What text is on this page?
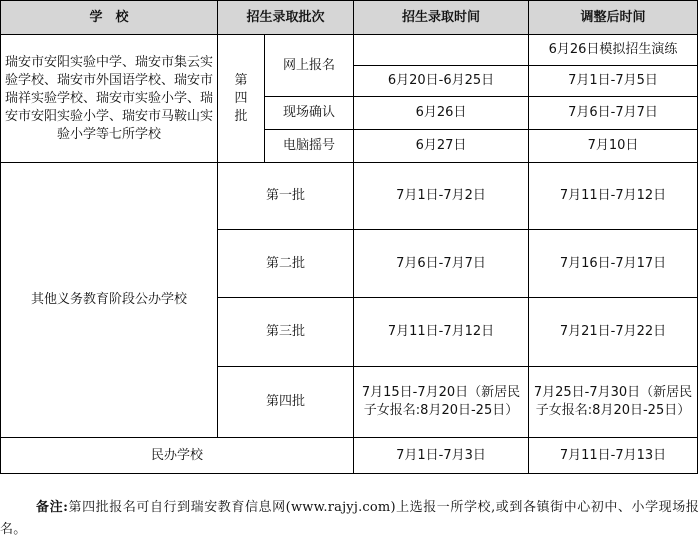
学　校	招生录取批次		招生录取时间	调整后时间
瑞安市安阳实验中学、瑞安市集云实验学校、瑞安市外国语学校、瑞安市瑞祥实验学校、瑞安市实验小学、瑞安市安阳实验小学、瑞安市马鞍山实验小学等七所学校	第四批	网上报名		6月26日模拟招生演练
			6月20日-6月25日	7月1日-7月5日
		现场确认	6月26日	7月6日-7月7日
		电脑摇号	6月27日	7月10日
其他义务教育阶段公办学校	第一批		7月1日-7月2日	7月11日-7月12日
	第二批		7月6日-7月7日	7月16日-7月17日
	第三批		7月11日-7月12日	7月21日-7月22日
	第四批		7月15日-7月20日（新居民子女报名:8月20日-25日）	7月25日-7月30日（新居民子女报名:8月20日-25日）
民办学校			7月1日-7月3日	7月11日-7月13日

备注:第四批报名可自行到瑞安教育信息网(www.rajyj.com)上选报一所学校,或到各镇街中心初中、小学现场报名。
